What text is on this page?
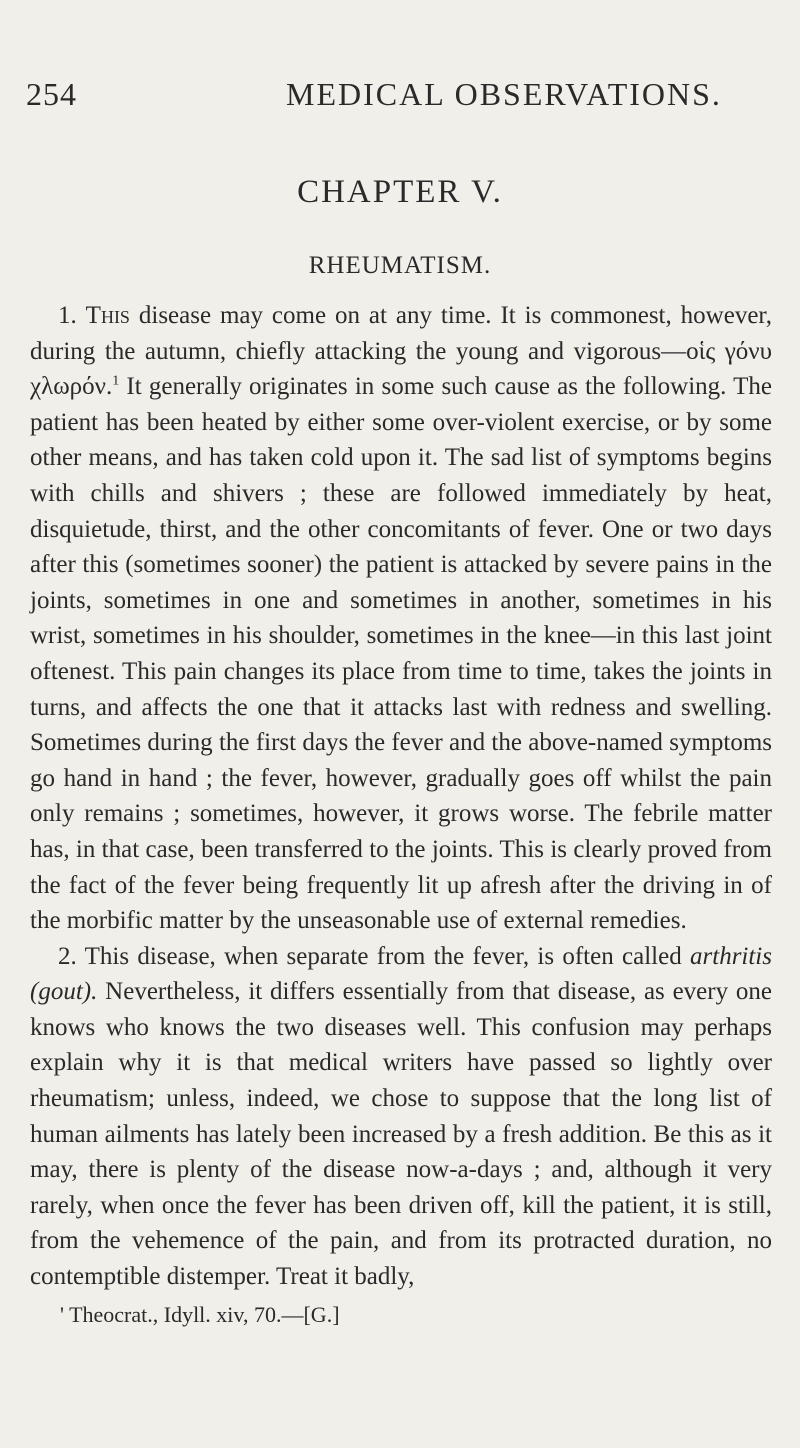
254	MEDICAL OBSERVATIONS.
CHAPTER V.
RHEUMATISM.

1. This disease may come on at any time. It is commonest, however, during the autumn, chiefly attacking the young and vigorous—οἱς γόνυ χλωρόν.$^1$ It generally originates in some such cause as the following. The patient has been heated by either some over-violent exercise, or by some other means, and has taken cold upon it. The sad list of symptoms begins with chills and shivers ; these are followed immediately by heat, disquietude, thirst, and the other concomitants of fever. One or two days after this (sometimes sooner) the patient is attacked by severe pains in the joints, sometimes in one and sometimes in another, sometimes in his wrist, sometimes in his shoulder, sometimes in the knee—in this last joint oftenest. This pain changes its place from time to time, takes the joints in turns, and affects the one that it attacks last with redness and swelling. Sometimes during the first days the fever and the above-named symptoms go hand in hand ; the fever, however, gradually goes off whilst the pain only remains ; sometimes, however, it grows worse. The febrile matter has, in that case, been transferred to the joints. This is clearly proved from the fact of the fever being frequently lit up afresh after the driving in of the morbific matter by the unseasonable use of external remedies.

2. This disease, when separate from the fever, is often called arthritis (gout). Nevertheless, it differs essentially from that disease, as every one knows who knows the two diseases well. This confusion may perhaps explain why it is that medical writers have passed so lightly over rheumatism; unless, indeed, we chose to suppose that the long list of human ailments has lately been increased by a fresh addition. Be this as it may, there is plenty of the disease now-a-days ; and, although it very rarely, when once the fever has been driven off, kill the patient, it is still, from the vehemence of the pain, and from its protracted duration, no contemptible distemper. Treat it badly,

' Theocrat., Idyll. xiv, 70.—[G.]
